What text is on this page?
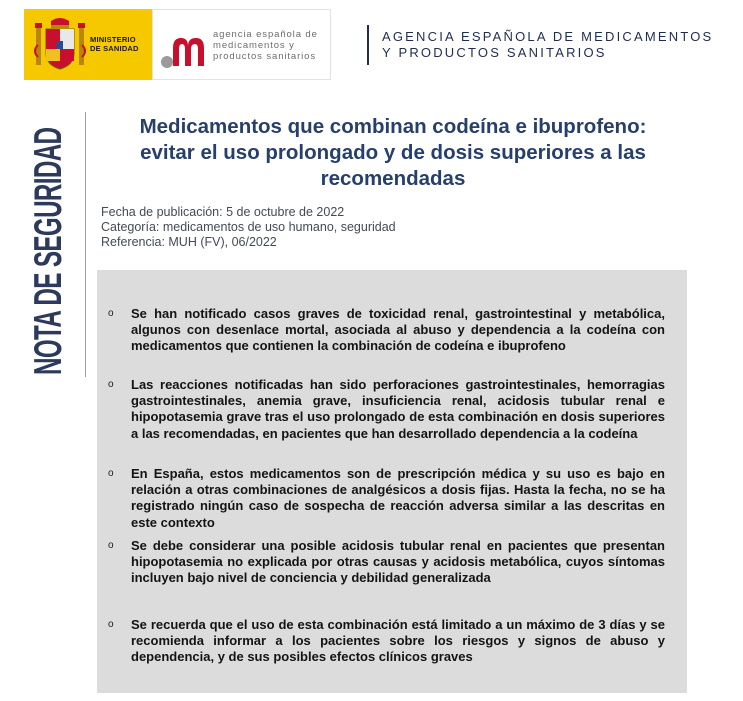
MINISTERIO
DE SANIDAD
agencia española de
medicamentos y
productos sanitarios
AGENCIA ESPAÑOLA DE MEDICAMENTOS
Y PRODUCTOS SANITARIOS
NOTA DE SEGURIDAD
Medicamentos que combinan codeína e ibuprofeno:
evitar el uso prolongado y de dosis superiores a las
recomendadas
Fecha de publicación: 5 de octubre de 2022
Categoría: medicamentos de uso humano, seguridad
Referencia: MUH (FV), 06/2022
o Se han notificado casos graves de toxicidad renal, gastrointestinal y metabólica, algunos con desenlace mortal, asociada al abuso y dependencia a la codeína con medicamentos que contienen la combinación de codeína e ibuprofeno
o Las reacciones notificadas han sido perforaciones gastrointestinales, hemorragias gastrointestinales, anemia grave, insuficiencia renal, acidosis tubular renal e hipopotasemia grave tras el uso prolongado de esta combinación en dosis superiores a las recomendadas, en pacientes que han desarrollado dependencia a la codeína
o En España, estos medicamentos son de prescripción médica y su uso es bajo en relación a otras combinaciones de analgésicos a dosis fijas. Hasta la fecha, no se ha registrado ningún caso de sospecha de reacción adversa similar a las descritas en este contexto
o Se debe considerar una posible acidosis tubular renal en pacientes que presentan hipopotasemia no explicada por otras causas y acidosis metabólica, cuyos síntomas incluyen bajo nivel de conciencia y debilidad generalizada
o Se recuerda que el uso de esta combinación está limitado a un máximo de 3 días y se recomienda informar a los pacientes sobre los riesgos y signos de abuso y dependencia, y de sus posibles efectos clínicos graves
